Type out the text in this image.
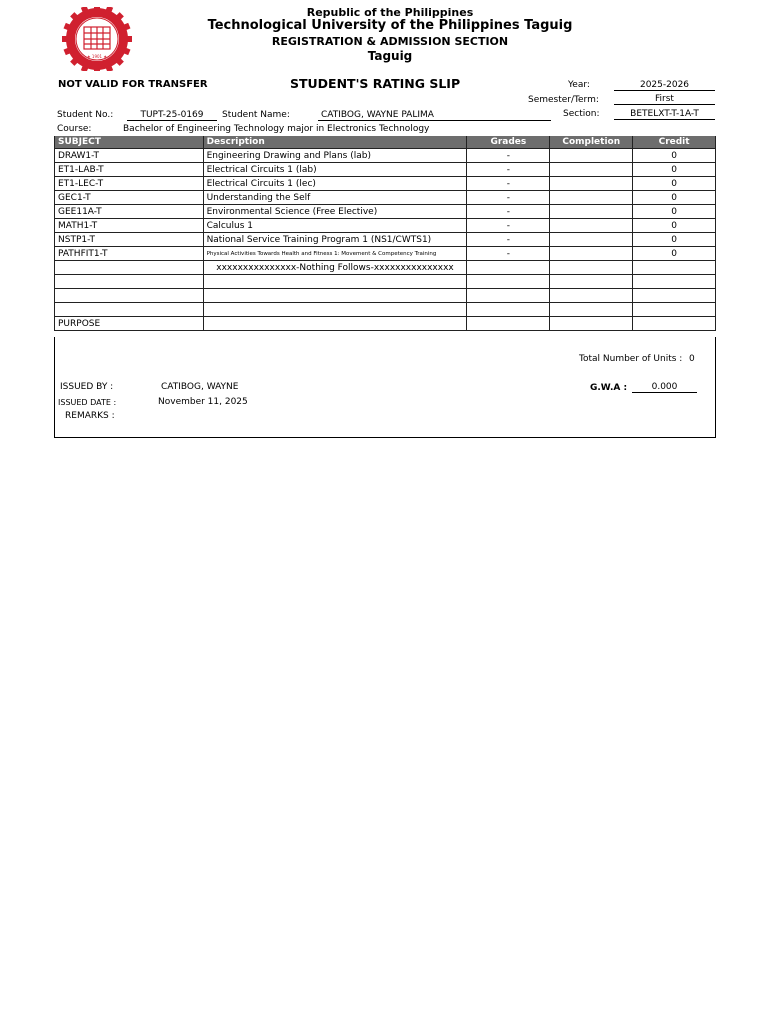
★ 1901 ★
Republic of the Philippines
Technological University of the Philippines Taguig
REGISTRATION & ADMISSION SECTION
Taguig
NOT VALID FOR TRANSFER	STUDENT'S RATING SLIP	Year:	2025-2026
Semester/Term:	First
Section:	BETELXT-T-1A-T
Student No.:	TUPT-25-0169	Student Name:	CATIBOG, WAYNE PALIMA
Course:	Bachelor of Engineering Technology major in Electronics Technology
SUBJECT	Description	Grades	Completion	Credit
DRAW1-T	Engineering Drawing and Plans (lab)	-		0
ET1-LAB-T	Electrical Circuits 1 (lab)	-		0
ET1-LEC-T	Electrical Circuits 1 (lec)	-		0
GEC1-T	Understanding the Self	-		0
GEE11A-T	Environmental Science (Free Elective)	-		0
MATH1-T	Calculus 1	-		0
NSTP1-T	National Service Training Program 1 (NS1/CWTS1)	-		0
PATHFIT1-T	Physical Activities Towards Health and Fitness 1: Movement & Competency Training	-		0
	xxxxxxxxxxxxxxx-Nothing Follows-xxxxxxxxxxxxxxx			

PURPOSE				
Total Number of Units : 0
ISSUED BY :	CATIBOG, WAYNE
ISSUED DATE :	November 11, 2025
REMARKS :
G.W.A :	0.000
